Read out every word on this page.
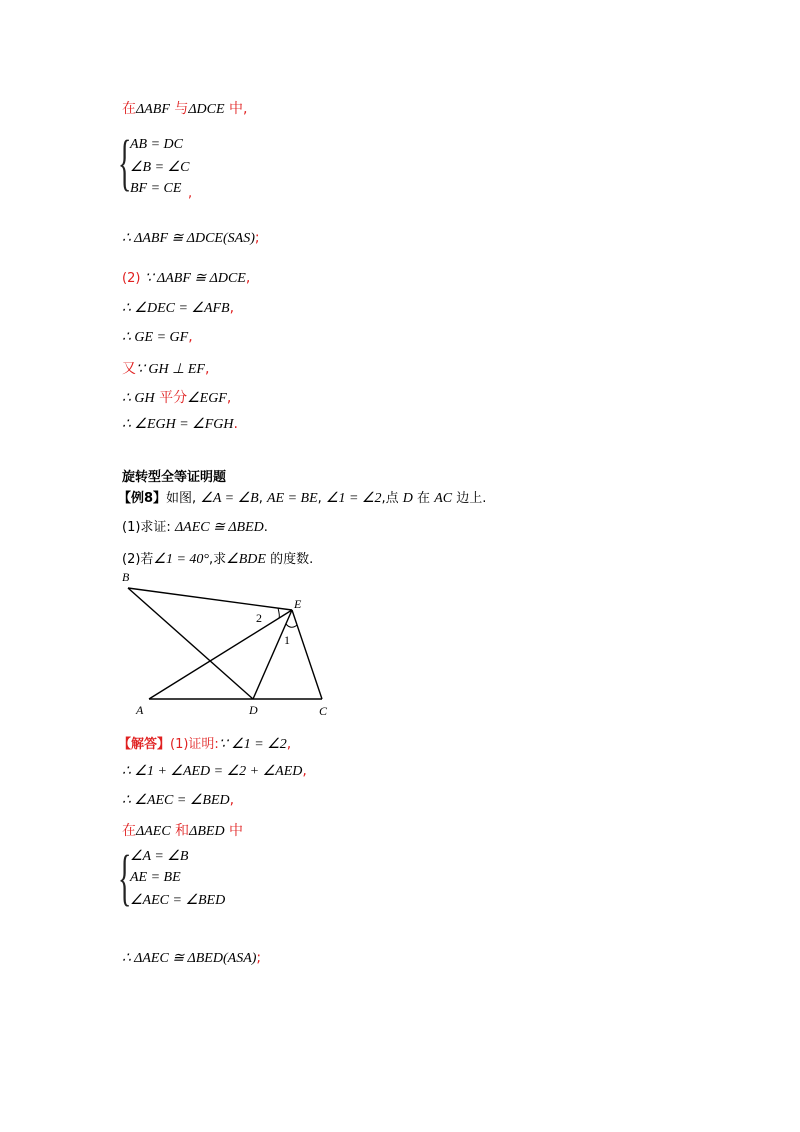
在ΔABF 与ΔDCE 中,
{
AB = DC
∠B = ∠C
BF = CE ,
∴ ΔABF ≅ ΔDCE(SAS);
(2) ∵ ΔABF ≅ ΔDCE,
∴ ∠DEC = ∠AFB,
∴ GE = GF,
又∵ GH ⊥ EF,
∴ GH 平分∠EGF,
∴ ∠EGH = ∠FGH.
旋转型全等证明题
【例8】如图, ∠A = ∠B, AE = BE, ∠1 = ∠2,点 D 在 AC 边上.
(1)求证: ΔAEC ≅ ΔBED.
(2)若∠1 = 40°,求∠BDE 的度数.
B
E
A	D	C
1
2
【解答】(1)证明:∵ ∠1 = ∠2,
∴ ∠1 + ∠AED = ∠2 + ∠AED,
∴ ∠AEC = ∠BED,
在ΔAEC 和ΔBED 中
{
∠A = ∠B
AE = BE
∠AEC = ∠BED
∴ ΔAEC ≅ ΔBED(ASA);
